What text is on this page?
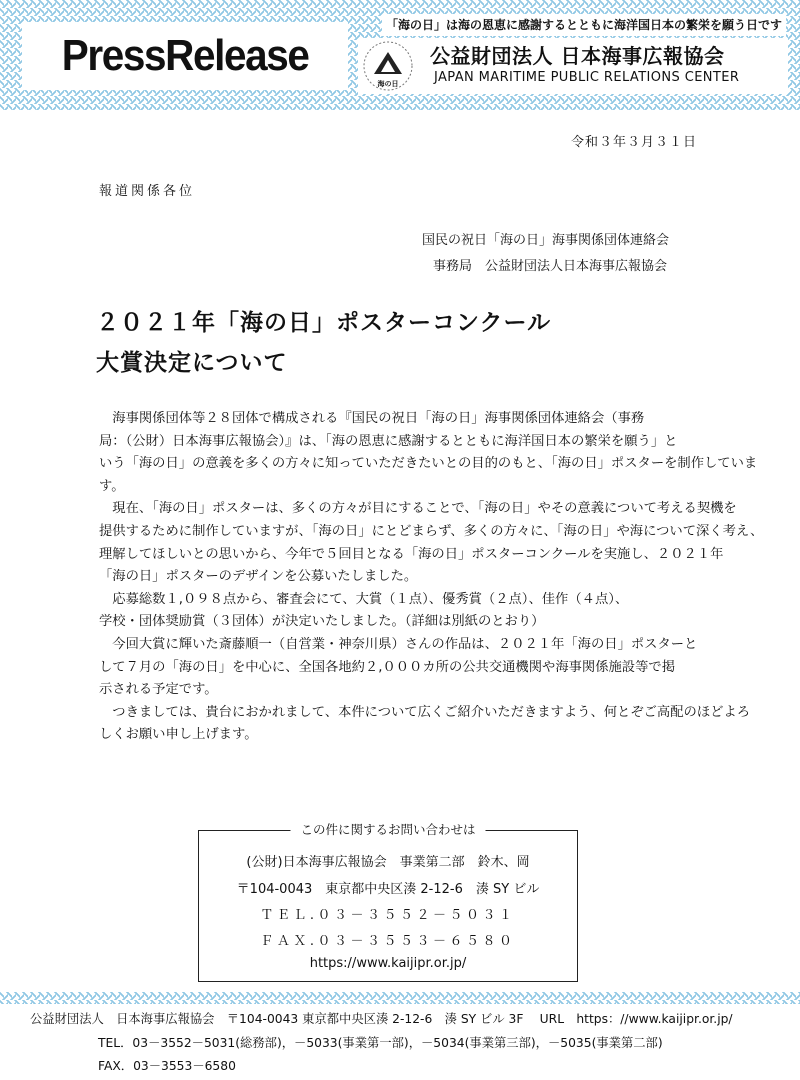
PressRelease
「海の日」は海の恩恵に感謝するとともに海洋国日本の繁栄を願う日です
海の日
公益財団法人 日本海事広報協会
JAPAN MARITIME PUBLIC RELATIONS CENTER
令和３年３月３１日
報道関係各位
国民の祝日「海の日」海事関係団体連絡会
事務局　公益財団法人日本海事広報協会
２０２１年「海の日」ポスターコンクール
大賞決定について

　海事関係団体等２８団体で構成される『国民の祝日「海の日」海事関係団体連絡会（事務

局：（公財）日本海事広報協会）』は、「海の恩恵に感謝するとともに海洋国日本の繁栄を願う」と

いう「海の日」の意義を多くの方々に知っていただきたいとの目的のもと、「海の日」ポスターを制作していま

す。

　現在、「海の日」ポスターは、多くの方々が目にすることで、「海の日」やその意義について考える契機を

提供するために制作していますが、「海の日」にとどまらず、多くの方々に、「海の日」や海について深く考え、

理解してほしいとの思いから、今年で５回目となる「海の日」ポスターコンクールを実施し、２０２１年

「海の日」ポスターのデザインを公募いたしました。

　応募総数１,０９８点から、審査会にて、大賞（１点）、優秀賞（２点）、佳作（４点）、

学校・団体奨励賞（３団体）が決定いたしました。（詳細は別紙のとおり）

　今回大賞に輝いた斎藤順一（自営業・神奈川県）さんの作品は、２０２１年「海の日」ポスターと

して７月の「海の日」を中心に、全国各地約２,０００カ所の公共交通機関や海事関係施設等で掲

示される予定です。

　つきましては、貴台におかれまして、本件について広くご紹介いただきますよう、何とぞご高配のほどよろ

しくお願い申し上げます。

この件に関するお問い合わせは
(公財)日本海事広報協会　事業第二部　鈴木、岡
〒104-0043　東京都中央区湊 2-12-6　湊 SY ビル
ＴＥＬ.０３－３５５２－５０３１
ＦＡＸ.０３－３５５３－６５８０
https://www.kaijipr.or.jp/
公益財団法人　日本海事広報協会　〒104-0043 東京都中央区湊 2-12-6　湊 SY ビル 3F　 URL　https：//www.kaijipr.or.jp/
TEL．03－3552－5031(総務部)，－5033(事業第一部)，－5034(事業第三部)，－5035(事業第二部)
FAX．03－3553－6580
